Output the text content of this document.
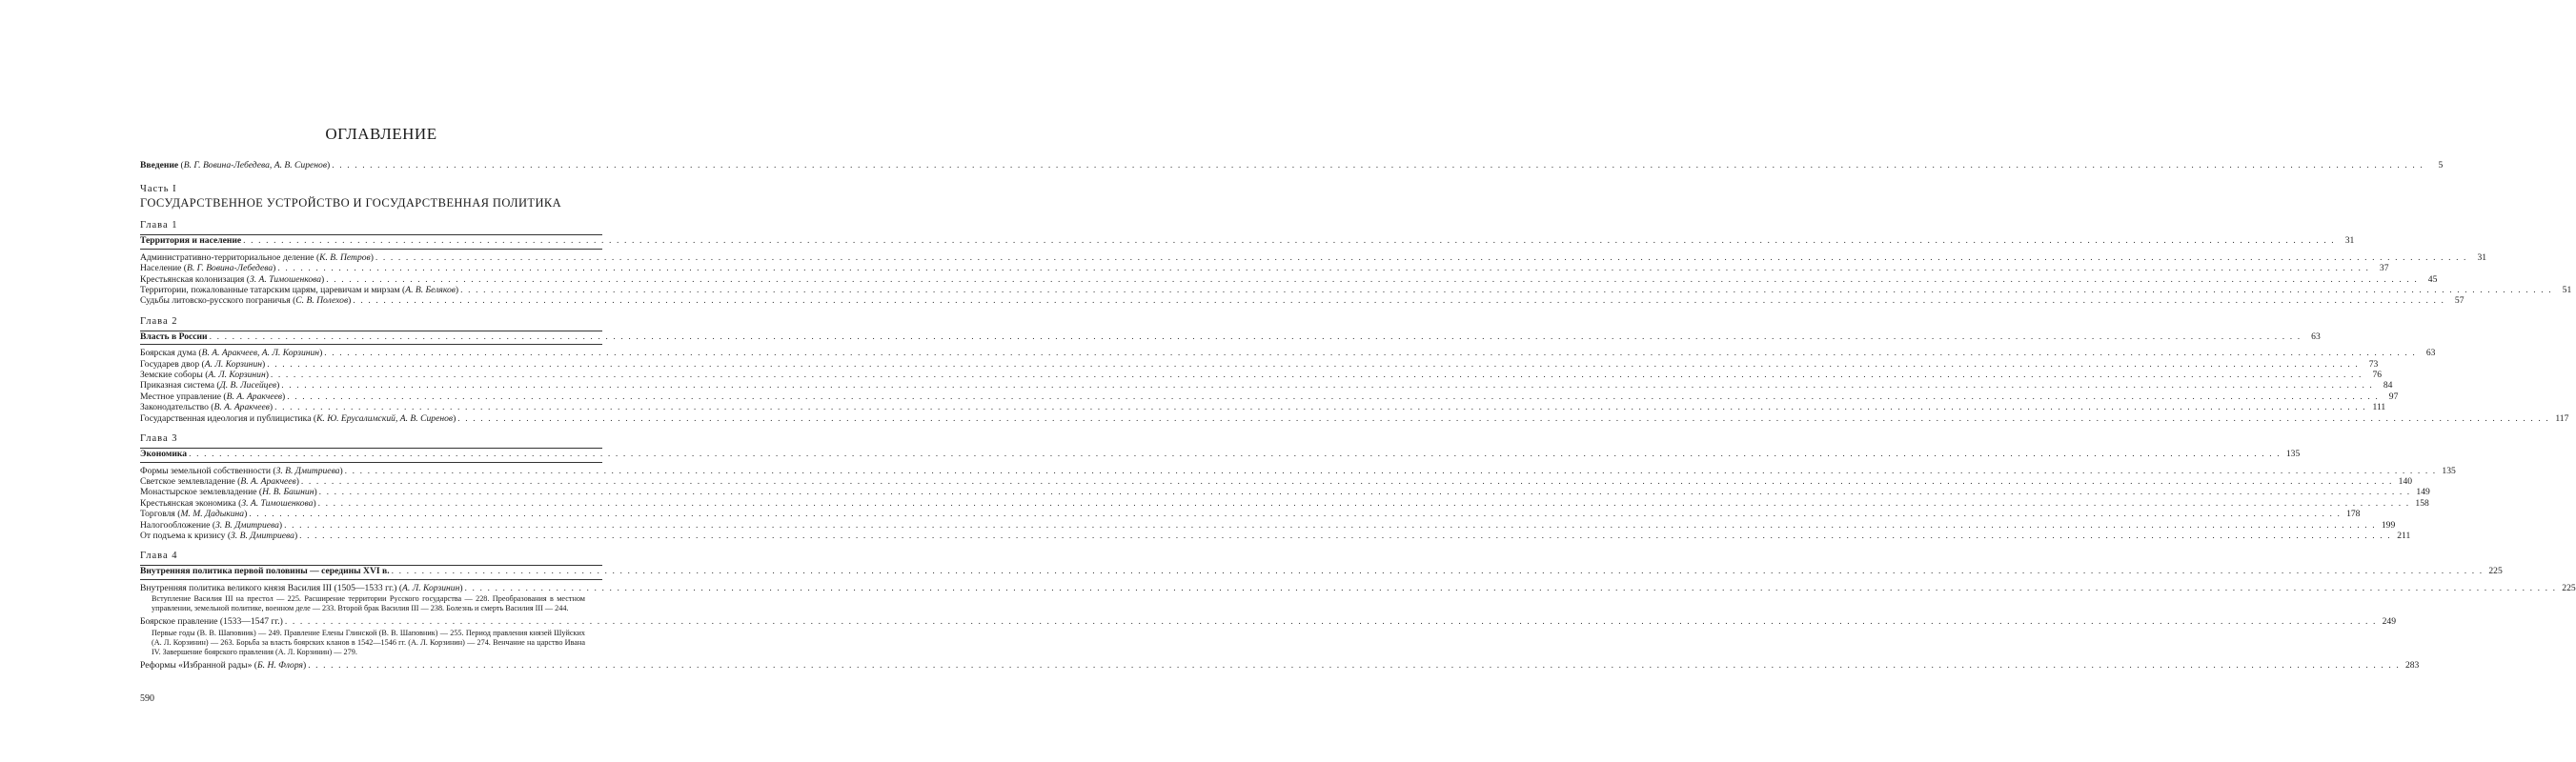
ОГЛАВЛЕНИЕ
Введение (В. Г. Вовина-Лебедева, А. В. Сиренов) . . .	5
Часть I
ГОСУДАРСТВЕННОЕ УСТРОЙСТВО И ГОСУДАРСТВЕННАЯ ПОЛИТИКА
Глава 1
Территория и население . . .	31
Административно-территориальное деление (К. В. Петров) . . .	31
Население (В. Г. Вовина-Лебедева) . . .	37
Крестьянская колонизация (З. А. Тимошенкова) . . .	45
Территории, пожалованные татарским царям, царевичам и мирзам (А. В. Беляков) . . .	51
Судьбы литовско-русского пограничья (С. В. Полехов) . . .	57
Глава 2
Власть в России . . .	63
Боярская дума (В. А. Аракчеев, А. Л. Корзинин) . . .	63
Государев двор (А. Л. Корзинин) . . .	73
Земские соборы (А. Л. Корзинин) . . .	76
Приказная система (Д. В. Лисейцев) . . .	84
Местное управление (В. А. Аракчеев) . . .	97
Законодательство (В. А. Аракчеев) . . .	111
Государственная идеология и публицистика (К. Ю. Ерусалимский, А. В. Сиренов) . . .	117
Глава 3
Экономика . . .	135
Формы земельной собственности (З. В. Дмитриева) . . .	135
Светское землевладение (В. А. Аракчеев) . . .	140
Монастырское землевладение (Н. В. Башнин) . . .	149
Крестьянская экономика (З. А. Тимошенкова) . . .	158
Торговля (М. М. Дадыкина) . . .	178
Налогообложение (З. В. Дмитриева) . . .	199
От подъема к кризису (З. В. Дмитриева) . . .	211
Глава 4
Внутренняя политика первой половины — середины XVI в. . . .	225
Внутренняя политика великого князя Василия III (1505—1533 гг.) (А. Л. Корзинин) . . .	225
Вступление Василия III на престол — 225. Расширение территории Русского государства — 228. Преобразования в местном управлении, земельной политике, военном деле — 233. Второй брак Василия III — 238. Болезнь и смерть Василия III — 244.
Боярское правление (1533—1547 гг.) . . .	249
Первые годы (В. В. Шаповник) — 249. Правление Елены Глинской (В. В. Шаповник) — 255. Период правления князей Шуйских (А. Л. Корзинин) — 263. Борьба за власть боярских кланов в 1542—1546 гг. (А. Л. Корзинин) — 274. Венчание на царство Ивана IV. Завершение боярского правления (А. Л. Корзинин) — 279.
Реформы «Избранной рады» (Б. Н. Флоря) . . .	283
590
